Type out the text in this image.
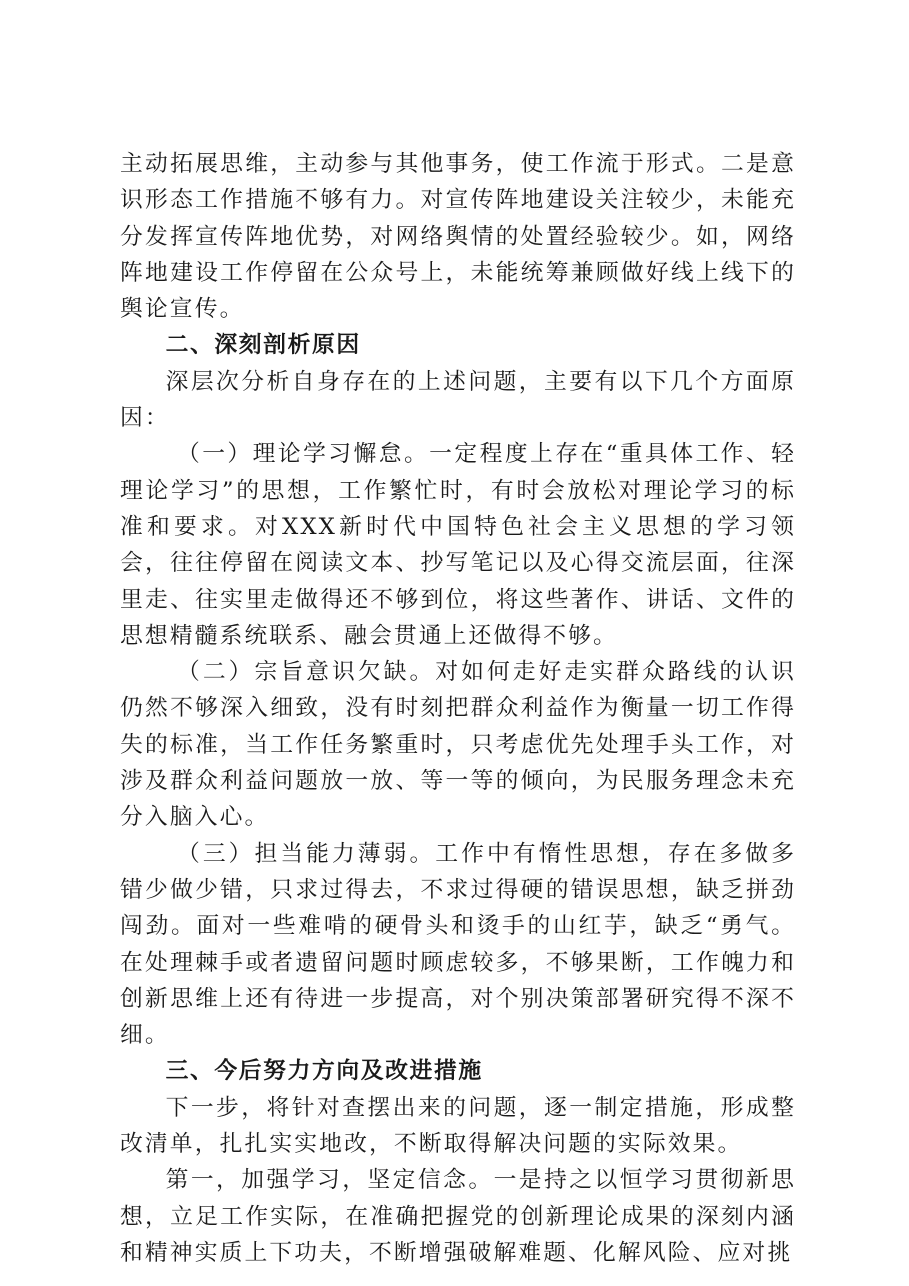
主动拓展思维，主动参与其他事务，使工作流于形式。二是意识形态工作措施不够有力。对宣传阵地建设关注较少，未能充分发挥宣传阵地优势，对网络舆情的处置经验较少。如，网络阵地建设工作停留在公众号上，未能统筹兼顾做好线上线下的舆论宣传。

二、深刻剖析原因

深层次分析自身存在的上述问题，主要有以下几个方面原因：

（一）理论学习懈怠。一定程度上存在“重具体工作、轻理论学习”的思想，工作繁忙时，有时会放松对理论学习的标准和要求。对XXX新时代中国特色社会主义思想的学习领会，往往停留在阅读文本、抄写笔记以及心得交流层面，往深里走、往实里走做得还不够到位，将这些著作、讲话、文件的思想精髓系统联系、融会贯通上还做得不够。

（二）宗旨意识欠缺。对如何走好走实群众路线的认识仍然不够深入细致，没有时刻把群众利益作为衡量一切工作得失的标准，当工作任务繁重时，只考虑优先处理手头工作，对涉及群众利益问题放一放、等一等的倾向，为民服务理念未充分入脑入心。

（三）担当能力薄弱。工作中有惰性思想，存在多做多错少做少错，只求过得去，不求过得硬的错误思想，缺乏拼劲闯劲。面对一些难啃的硬骨头和烫手的山红芋，缺乏“勇气。在处理棘手或者遗留问题时顾虑较多，不够果断，工作魄力和创新思维上还有待进一步提高，对个别决策部署研究得不深不细。

三、今后努力方向及改进措施

下一步，将针对查摆出来的问题，逐一制定措施，形成整改清单，扎扎实实地改，不断取得解决问题的实际效果。

第一，加强学习，坚定信念。一是持之以恒学习贯彻新思想，立足工作实际，在准确把握党的创新理论成果的深刻内涵和精神实质上下功夫，不断增强破解难题、化解风险、应对挑
